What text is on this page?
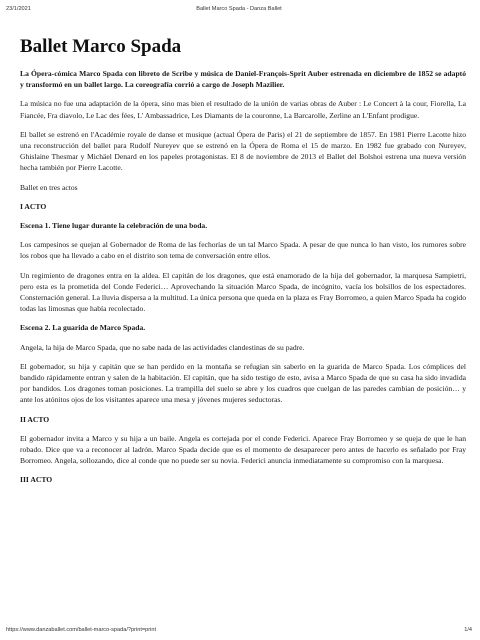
23/1/2021	Ballet Marco Spada - Danza Ballet
Ballet Marco Spada

La Ópera-cómica Marco Spada con libreto de Scribe y música de Daniel-François-Sprit Auber estrenada en diciembre de 1852 se adaptó y transformó en un ballet largo. La coreografía corrió a cargo de Joseph Mazilier.

La música no fue una adaptación de la ópera, sino mas bien el resultado de la unión de varias obras de Auber : Le Concert à la cour, Fiorella, La Fiancée, Fra diavolo, Le Lac des fées, L' Ambassadrice, Les Diamants de la couronne, La Barcarolle, Zerline an L'Enfant prodigue.

El ballet se estrenó en l'Académie royale de danse et musique (actual Ópera de Paris) el 21 de septiembre de 1857. En 1981 Pierre Lacotte hizo una reconstrucción del ballet para Rudolf Nureyev que se estrenó en la Ópera de Roma el 15 de marzo. En 1982 fue grabado con Nureyev, Ghislaine Thesmar y Michäel Denard en los papeles protagonistas. El 8 de noviembre de 2013 el Ballet del Bolshoi estrena una nueva versión hecha también por Pierre Lacotte.

Ballet en tres actos

I ACTO

Escena 1. Tiene lugar durante la celebración de una boda.

Los campesinos se quejan al Gobernador de Roma de las fechorías de un tal Marco Spada. A pesar de que nunca lo han visto, los rumores sobre los robos que ha llevado a cabo en el distrito son tema de conversación entre ellos.

Un regimiento de dragones entra en la aldea. El capitán de los dragones, que está enamorado de la hija del gobernador, la marquesa Sampietri, pero esta es la prometida del Conde Federici… Aprovechando la situación Marco Spada, de incógnito, vacía los bolsillos de los espectadores. Consternación general. La lluvia dispersa a la multitud. La única persona que queda en la plaza es Fray Borromeo, a quien Marco Spada ha cogido todas las limosnas que había recolectado.

Escena 2. La guarida de Marco Spada.

Angela, la hija de Marco Spada, que no sabe nada de las actividades clandestinas de su padre.

El gobernador, su hija y capitán que se han perdido en la montaña se refugian sin saberlo en la guarida de Marco Spada. Los cómplices del bandido rápidamente entran y salen de la habitación. El capitán, que ha sido testigo de esto, avisa a Marco Spada de que su casa ha sido invadida por bandidos. Los dragones toman posiciones. La trampilla del suelo se abre y los cuadros que cuelgan de las paredes cambian de posición… y ante los atónitos ojos de los visitantes aparece una mesa y jóvenes mujeres seductoras.

II ACTO

El gobernador invita a Marco y su hija a un baile. Angela es cortejada por el conde Federici. Aparece Fray Borromeo y se queja de que le han robado. Dice que va a reconocer al ladrón. Marco Spada decide que es el momento de desaparecer pero antes de hacerlo es señalado por Fray Borromeo. Angela, sollozando, dice al conde que no puede ser su novia. Federici anuncia inmediatamente su compromiso con la marquesa.

III ACTO

https://www.danzaballet.com/ballet-marco-spada/?print=print	1/4
